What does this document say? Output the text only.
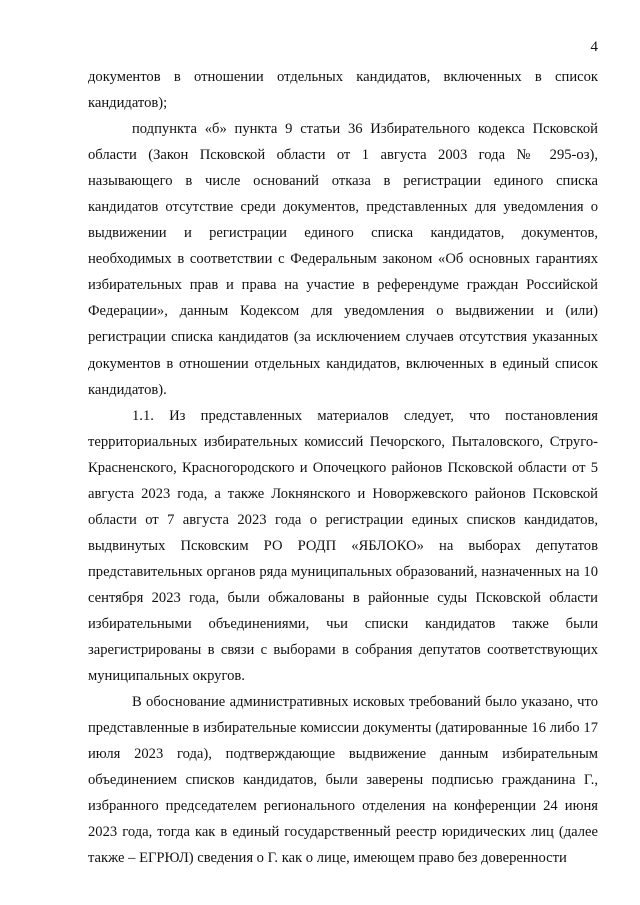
4

документов в отношении отдельных кандидатов, включенных в список кандидатов);

подпункта «б» пункта 9 статьи 36 Избирательного кодекса Псковской области (Закон Псковской области от 1 августа 2003 года № 295-оз), называющего в числе оснований отказа в регистрации единого списка кандидатов отсутствие среди документов, представленных для уведомления о выдвижении и регистрации единого списка кандидатов, документов, необходимых в соответствии с Федеральным законом «Об основных гарантиях избирательных прав и права на участие в референдуме граждан Российской Федерации», данным Кодексом для уведомления о выдвижении и (или) регистрации списка кандидатов (за исключением случаев отсутствия указанных документов в отношении отдельных кандидатов, включенных в единый список кандидатов).

1.1. Из представленных материалов следует, что постановления территориальных избирательных комиссий Печорского, Пыталовского, Струго-Красненского, Красногородского и Опочецкого районов Псковской области от 5 августа 2023 года, а также Локнянского и Новоржевского районов Псковской области от 7 августа 2023 года о регистрации единых списков кандидатов, выдвинутых Псковским РО РОДП «ЯБЛОКО» на выборах депутатов представительных органов ряда муниципальных образований, назначенных на 10 сентября 2023 года, были обжалованы в районные суды Псковской области избирательными объединениями, чьи списки кандидатов также были зарегистрированы в связи с выборами в собрания депутатов соответствующих муниципальных округов.

В обоснование административных исковых требований было указано, что представленные в избирательные комиссии документы (датированные 16 либо 17 июля 2023 года), подтверждающие выдвижение данным избирательным объединением списков кандидатов, были заверены подписью гражданина Г., избранного председателем регионального отделения на конференции 24 июня 2023 года, тогда как в единый государственный реестр юридических лиц (далее также – ЕГРЮЛ) сведения о Г. как о лице, имеющем право без доверенности
